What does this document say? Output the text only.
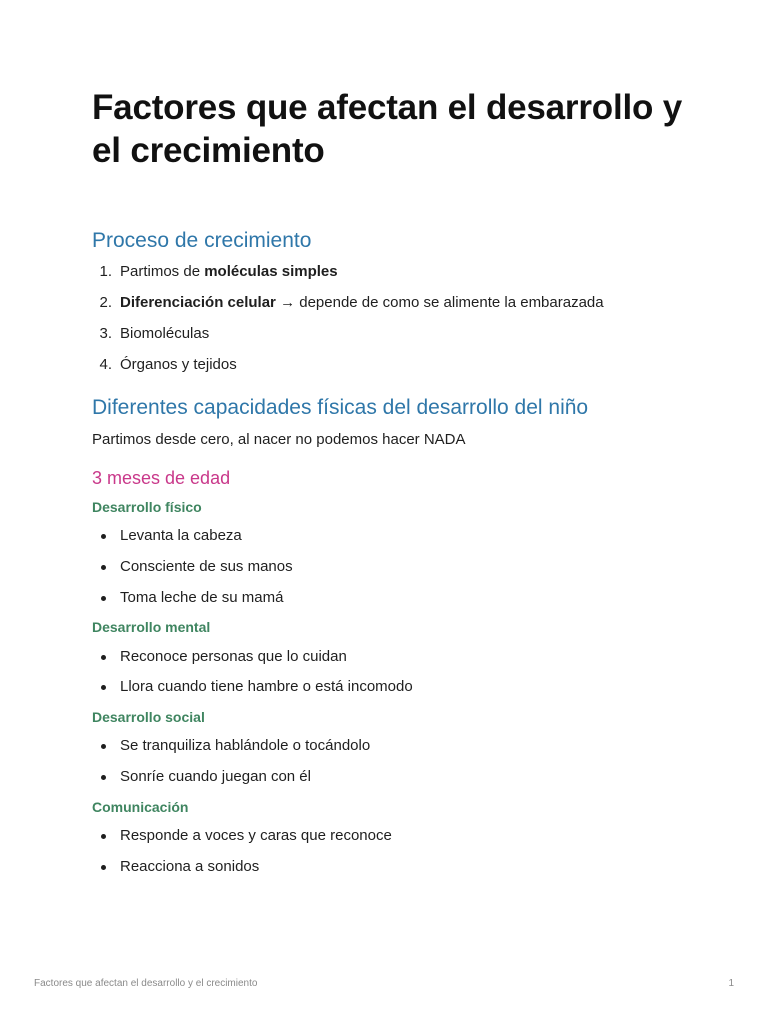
Factores que afectan el desarrollo y el crecimiento
Proceso de crecimiento
1. Partimos de moléculas simples
2. Diferenciación celular → depende de como se alimente la embarazada
3. Biomoléculas
4. Órganos y tejidos
Diferentes capacidades físicas del desarrollo del niño

Partimos desde cero, al nacer no podemos hacer NADA

3 meses de edad
Desarrollo físico
Levanta la cabeza
Consciente de sus manos
Toma leche de su mamá
Desarrollo mental
Reconoce personas que lo cuidan
Llora cuando tiene hambre o está incomodo
Desarrollo social
Se tranquiliza hablándole o tocándolo
Sonríe cuando juegan con él
Comunicación
Responde a voces y caras que reconoce
Reacciona a sonidos
Factores que afectan el desarrollo y el crecimiento	1
